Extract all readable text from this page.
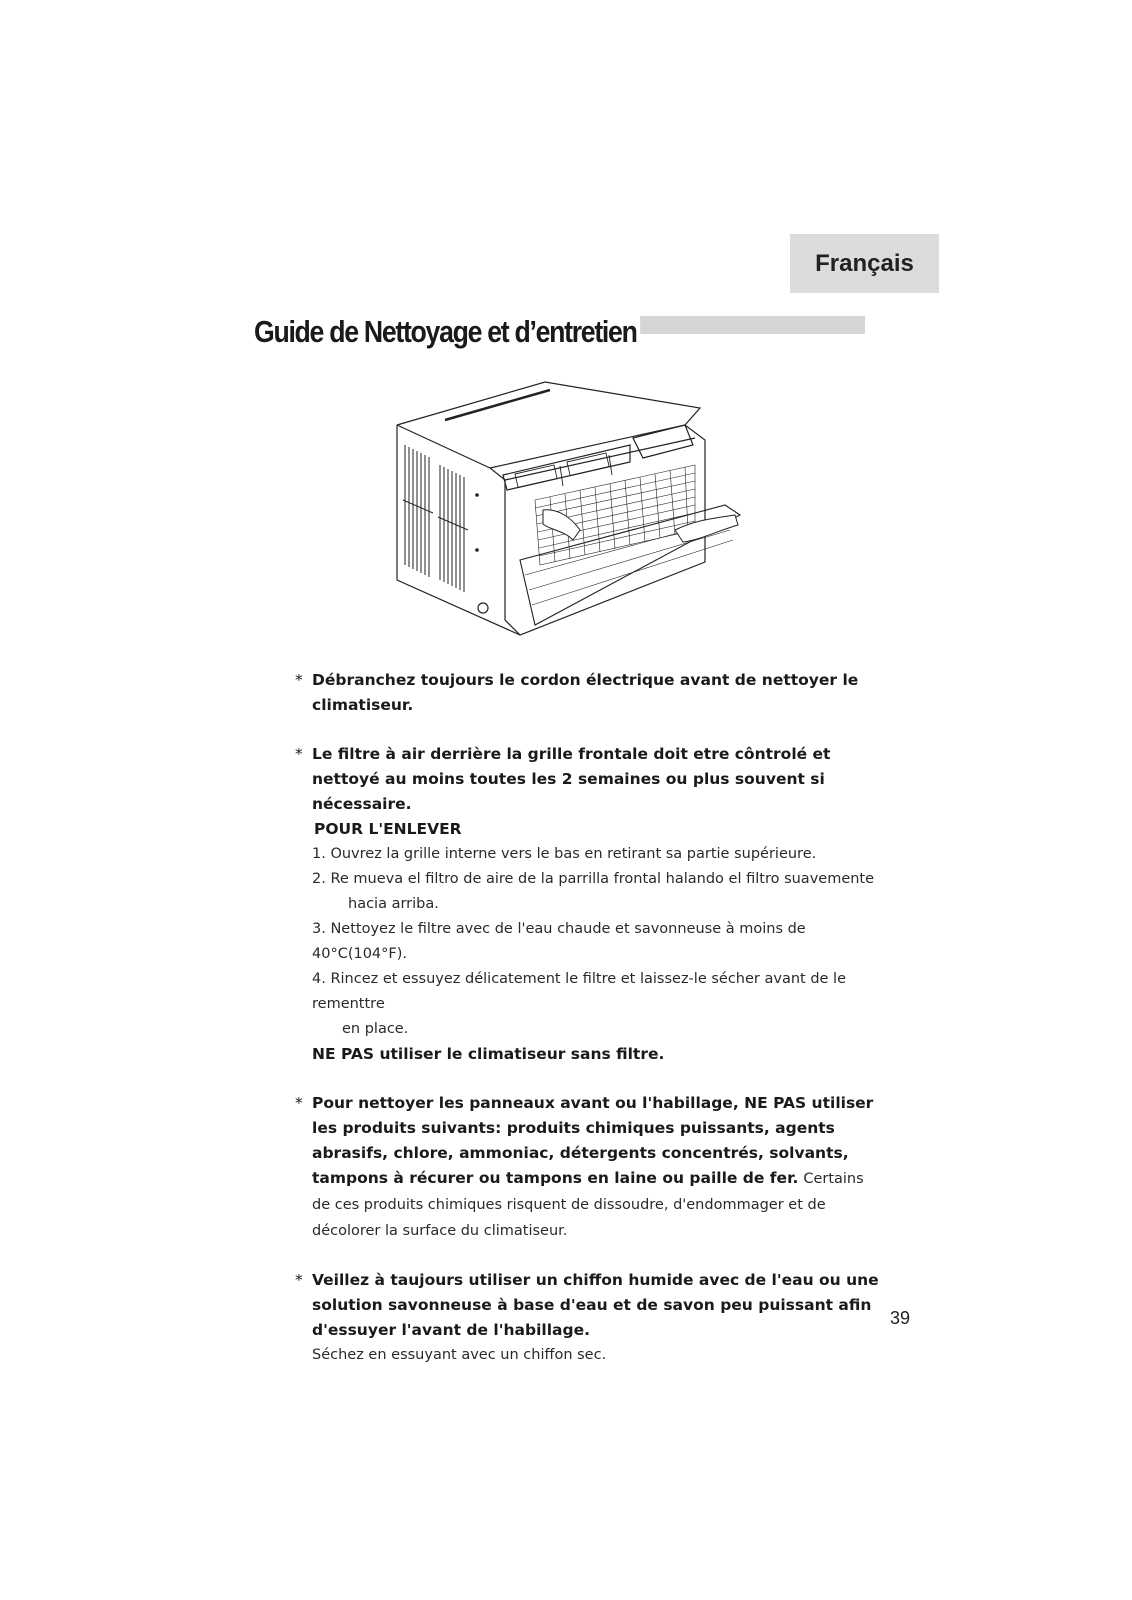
Français
Guide de Nettoyage et d’entretien
* Débranchez toujours le cordon électrique avant de nettoyer le climatiseur.
* Le filtre à air derrière la grille frontale doit etre côntrolé et nettoyé au moins toutes les 2 semaines ou plus souvent si nécessaire.
POUR L'ENLEVER
1. Ouvrez la grille interne vers le bas en retirant sa partie supérieure.
2. Re mueva el filtro de aire de la parrilla frontal halando el filtro suavemente
hacia arriba.
3. Nettoyez le filtre avec de l'eau chaude et savonneuse à moins de 40°C(104°F).
4. Rincez et essuyez délicatement le filtre et laissez-le sécher avant de le rementtre
en place.
NE PAS utiliser le climatiseur sans filtre.
* Pour nettoyer les panneaux avant ou l'habillage, NE PAS utiliser les produits suivants: produits chimiques puissants, agents abrasifs, chlore, ammoniac, détergents concentrés, solvants, tampons à récurer ou tampons en laine ou paille de fer. Certains de ces produits chimiques risquent de dissoudre, d'endommager et de décolorer la surface du climatiseur.
* Veillez à taujours utiliser un chiffon humide avec de l'eau ou une solution savonneuse à base d'eau et de savon peu puissant afin d'essuyer l'avant de l'habillage.
Séchez en essuyant avec un chiffon sec.
39
